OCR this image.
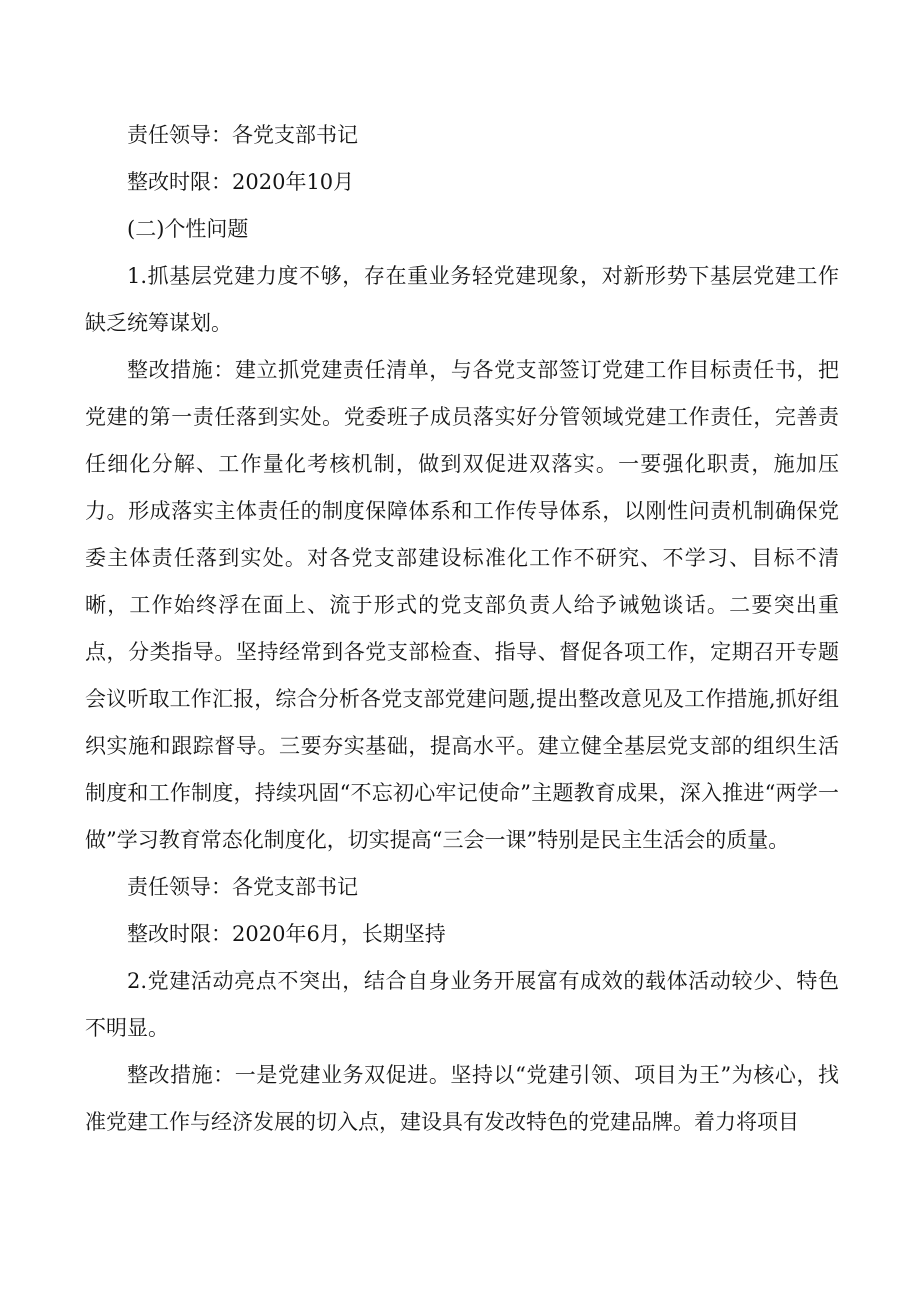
责任领导：各党支部书记

整改时限：2020年10月

(二)个性问题

1.抓基层党建力度不够，存在重业务轻党建现象，对新形势下基层党建工作缺乏统筹谋划。

整改措施：建立抓党建责任清单，与各党支部签订党建工作目标责任书，把党建的第一责任落到实处。党委班子成员落实好分管领域党建工作责任，完善责任细化分解、工作量化考核机制，做到双促进双落实。一要强化职责，施加压力。形成落实主体责任的制度保障体系和工作传导体系，以刚性问责机制确保党委主体责任落到实处。对各党支部建设标准化工作不研究、不学习、目标不清晰，工作始终浮在面上、流于形式的党支部负责人给予诫勉谈话。二要突出重点，分类指导。坚持经常到各党支部检查、指导、督促各项工作，定期召开专题会议听取工作汇报，综合分析各党支部党建问题,提出整改意见及工作措施,抓好组织实施和跟踪督导。三要夯实基础，提高水平。建立健全基层党支部的组织生活制度和工作制度，持续巩固“不忘初心牢记使命”主题教育成果，深入推进“两学一做”学习教育常态化制度化，切实提高“三会一课”特别是民主生活会的质量。

责任领导：各党支部书记

整改时限：2020年6月，长期坚持

2.党建活动亮点不突出，结合自身业务开展富有成效的载体活动较少、特色不明显。

整改措施：一是党建业务双促进。坚持以“党建引领、项目为王”为核心，找准党建工作与经济发展的切入点，建设具有发改特色的党建品牌。着力将项目
